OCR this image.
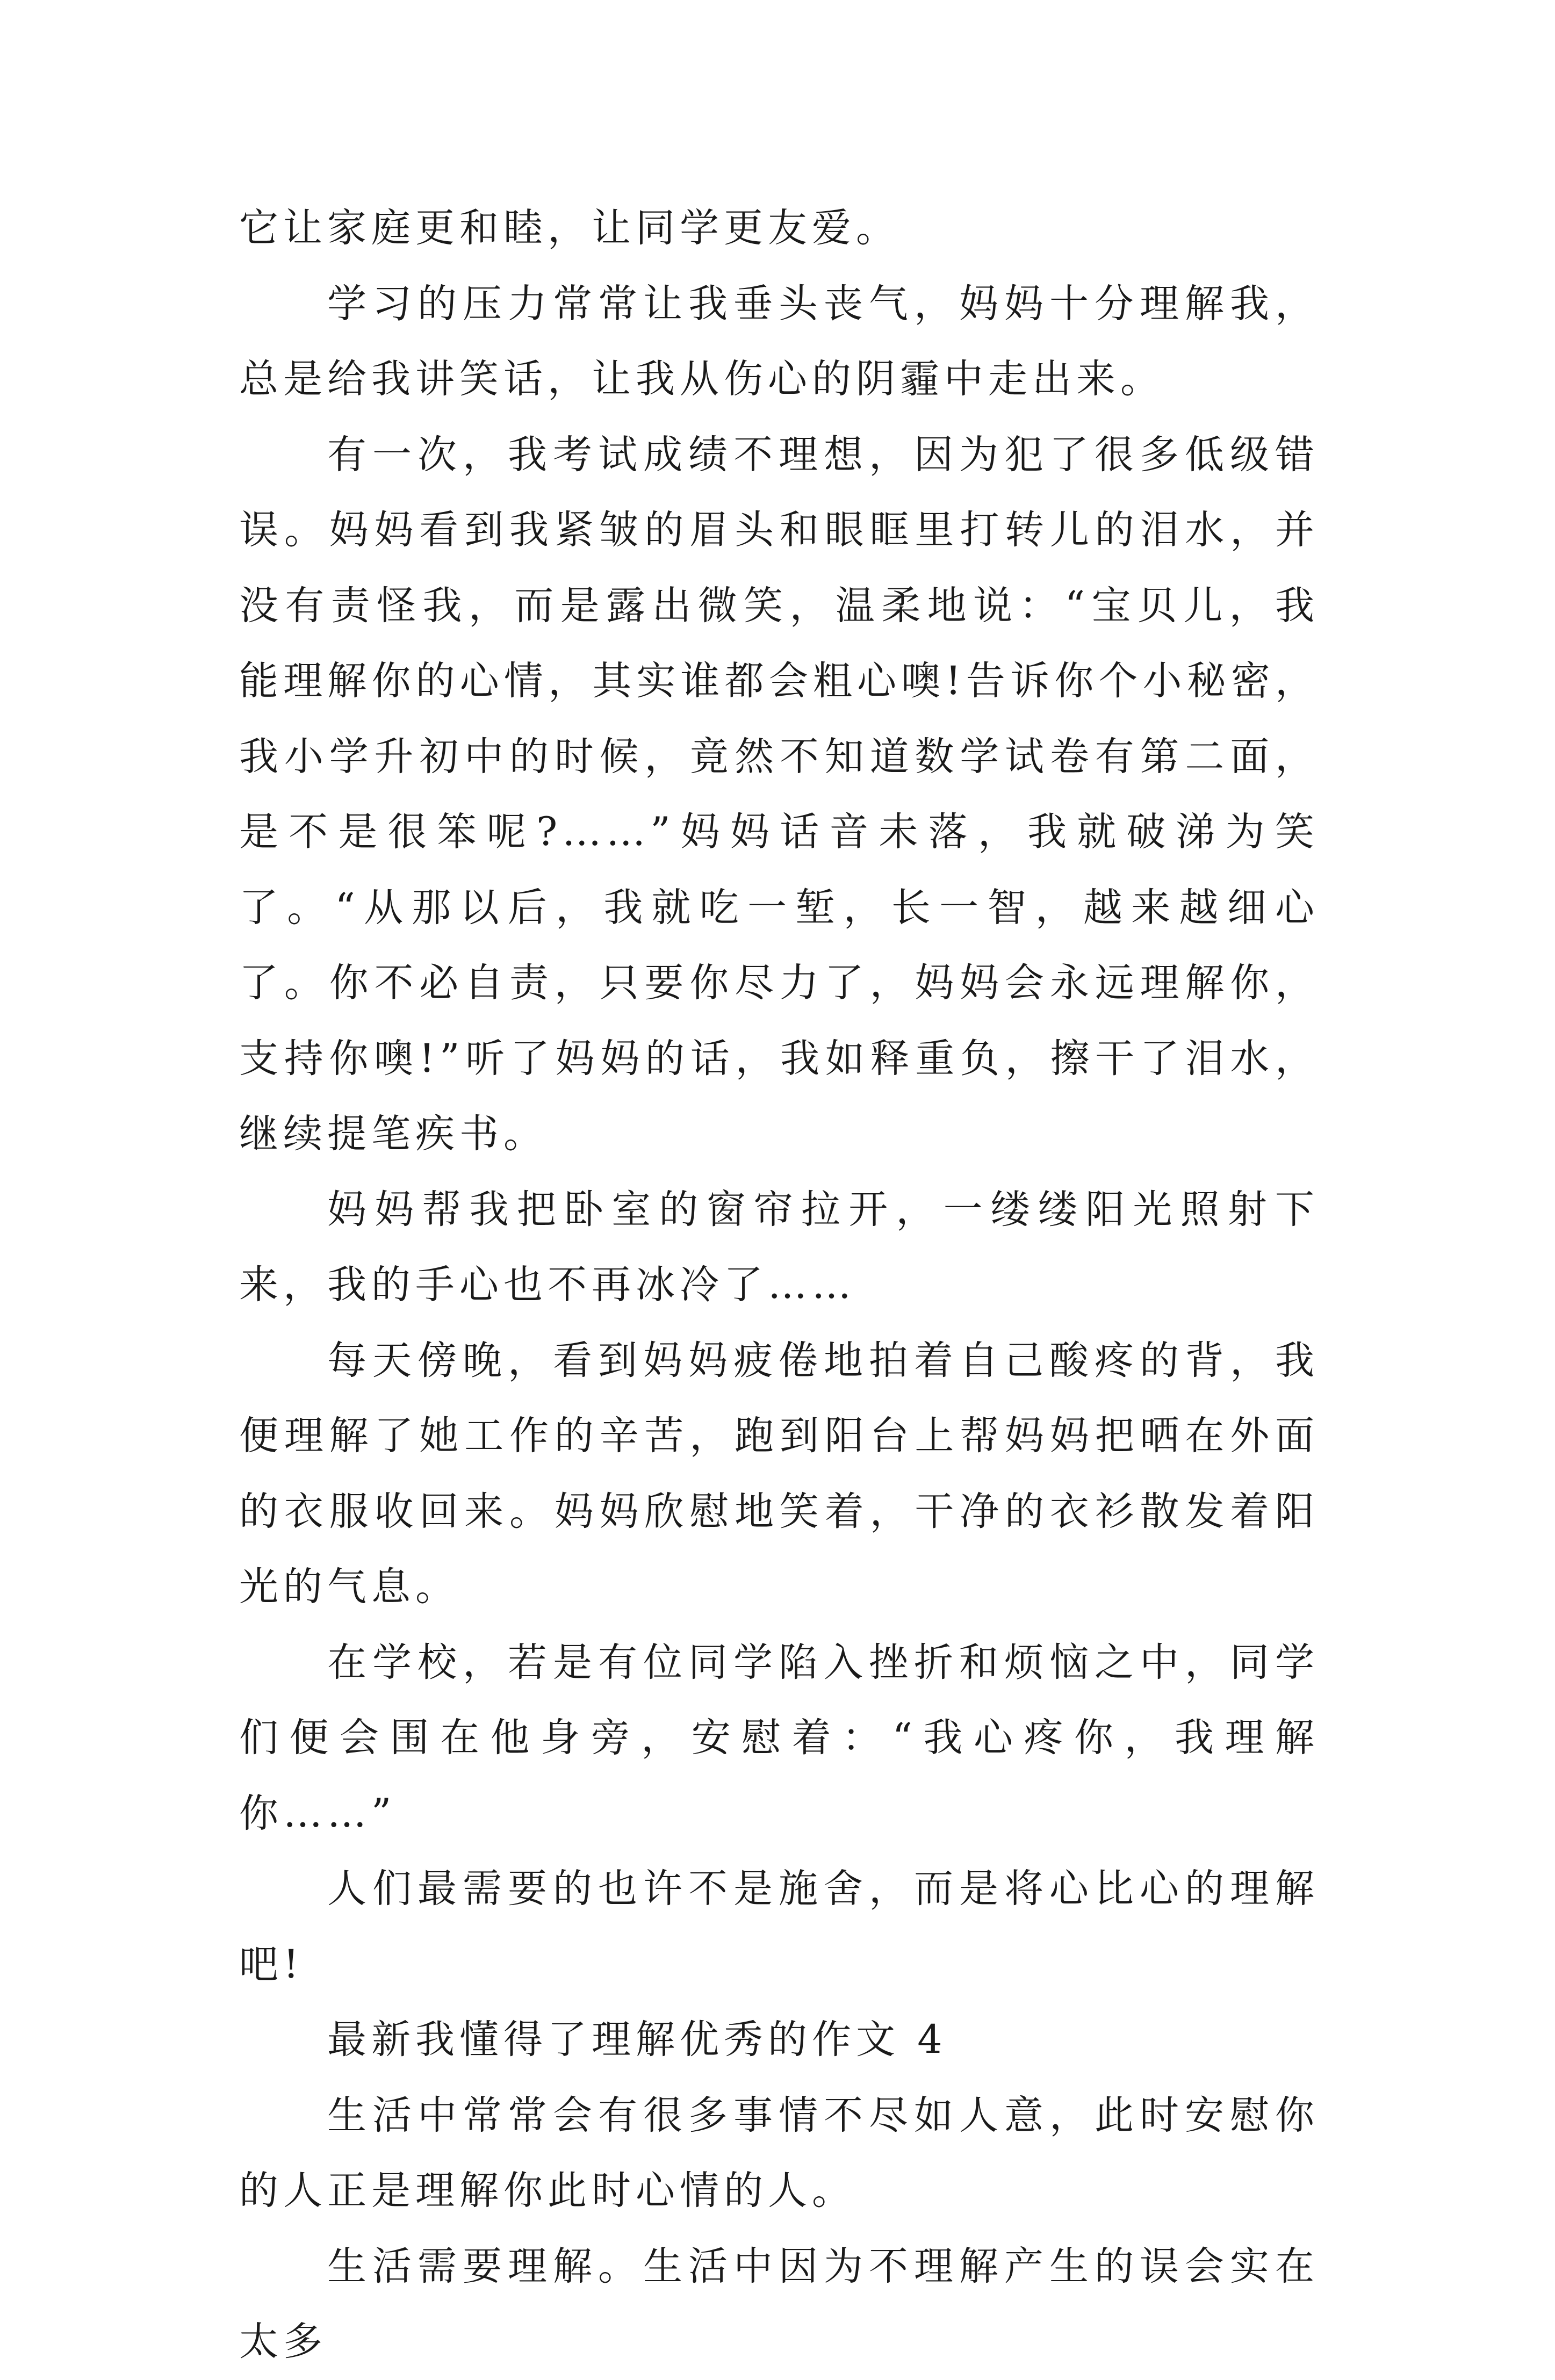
它让家庭更和睦，让同学更友爱。

学习的压力常常让我垂头丧气，妈妈十分理解我，总是给我讲笑话，让我从伤心的阴霾中走出来。

有一次，我考试成绩不理想，因为犯了很多低级错误。妈妈看到我紧皱的眉头和眼眶里打转儿的泪水，并没有责怪我，而是露出微笑，温柔地说：“宝贝儿，我能理解你的心情，其实谁都会粗心噢!告诉你个小秘密，我小学升初中的时候，竟然不知道数学试卷有第二面，是不是很笨呢?……”妈妈话音未落，我就破涕为笑了。“从那以后，我就吃一堑，长一智，越来越细心了。你不必自责，只要你尽力了，妈妈会永远理解你，支持你噢!”听了妈妈的话，我如释重负，擦干了泪水，继续提笔疾书。

妈妈帮我把卧室的窗帘拉开，一缕缕阳光照射下来，我的手心也不再冰冷了……

每天傍晚，看到妈妈疲倦地拍着自己酸疼的背，我便理解了她工作的辛苦，跑到阳台上帮妈妈把晒在外面的衣服收回来。妈妈欣慰地笑着，干净的衣衫散发着阳光的气息。

在学校，若是有位同学陷入挫折和烦恼之中，同学们便会围在他身旁，安慰着：“我心疼你，我理解你……”

人们最需要的也许不是施舍，而是将心比心的理解吧!

最新我懂得了理解优秀的作文 4

生活中常常会有很多事情不尽如人意，此时安慰你的人正是理解你此时心情的人。

生活需要理解。生活中因为不理解产生的误会实在太多
